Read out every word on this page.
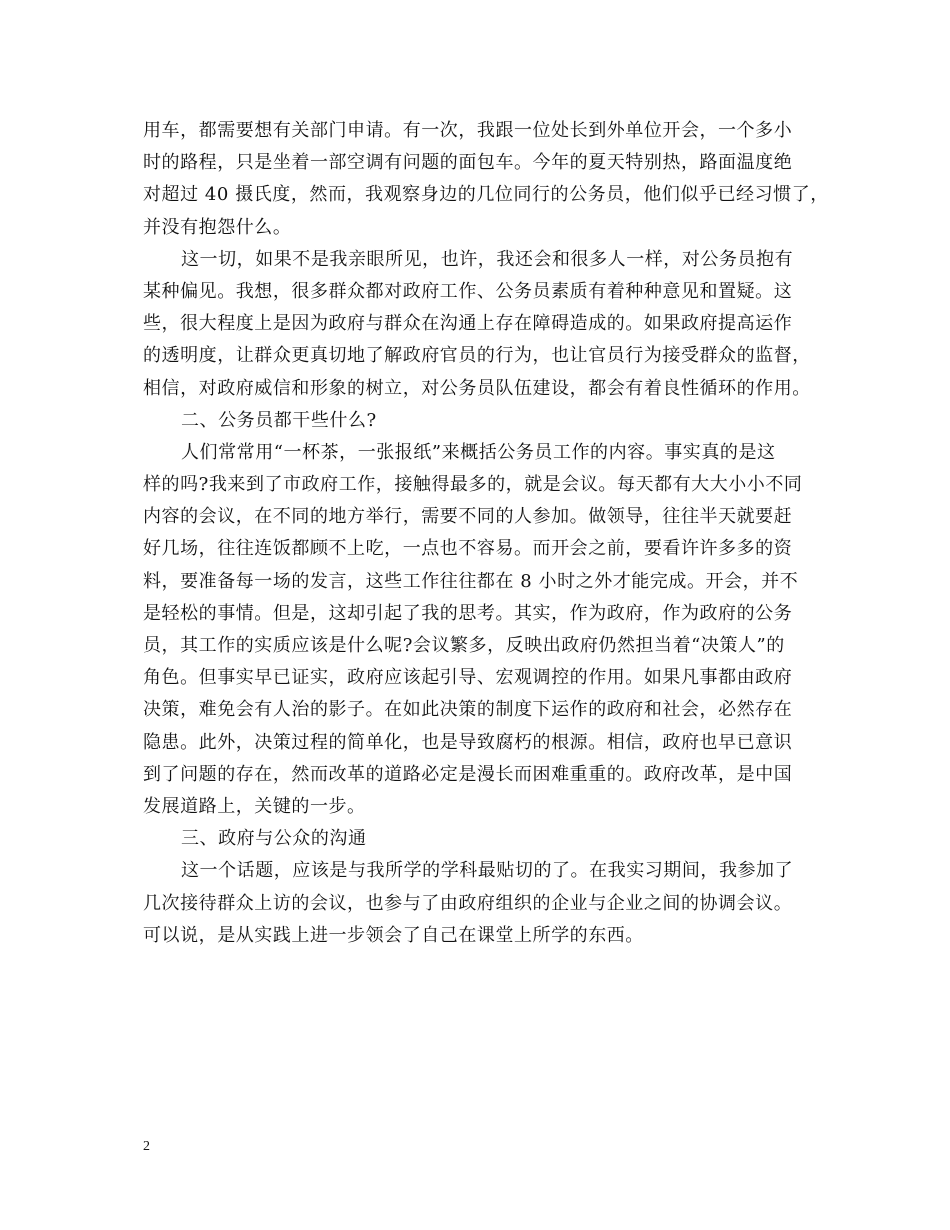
用车，都需要想有关部门申请。有一次，我跟一位处长到外单位开会，一个多小
时的路程，只是坐着一部空调有问题的面包车。今年的夏天特别热，路面温度绝
对超过 40 摄氏度，然而，我观察身边的几位同行的公务员，他们似乎已经习惯了，
并没有抱怨什么。

这一切，如果不是我亲眼所见，也许，我还会和很多人一样，对公务员抱有
某种偏见。我想，很多群众都对政府工作、公务员素质有着种种意见和置疑。这
些，很大程度上是因为政府与群众在沟通上存在障碍造成的。如果政府提高运作
的透明度，让群众更真切地了解政府官员的行为，也让官员行为接受群众的监督，
相信，对政府威信和形象的树立，对公务员队伍建设，都会有着良性循环的作用。

二、公务员都干些什么?

人们常常用“一杯茶，一张报纸”来概括公务员工作的内容。事实真的是这
样的吗?我来到了市政府工作，接触得最多的，就是会议。每天都有大大小小不同
内容的会议，在不同的地方举行，需要不同的人参加。做领导，往往半天就要赶
好几场，往往连饭都顾不上吃，一点也不容易。而开会之前，要看许许多多的资
料，要准备每一场的发言，这些工作往往都在 8 小时之外才能完成。开会，并不
是轻松的事情。但是，这却引起了我的思考。其实，作为政府，作为政府的公务
员，其工作的实质应该是什么呢?会议繁多，反映出政府仍然担当着“决策人”的
角色。但事实早已证实，政府应该起引导、宏观调控的作用。如果凡事都由政府
决策，难免会有人治的影子。在如此决策的制度下运作的政府和社会，必然存在
隐患。此外，决策过程的简单化，也是导致腐朽的根源。相信，政府也早已意识
到了问题的存在，然而改革的道路必定是漫长而困难重重的。政府改革，是中国
发展道路上，关键的一步。

三、政府与公众的沟通

这一个话题，应该是与我所学的学科最贴切的了。在我实习期间，我参加了
几次接待群众上访的会议，也参与了由政府组织的企业与企业之间的协调会议。
可以说，是从实践上进一步领会了自己在课堂上所学的东西。

2
